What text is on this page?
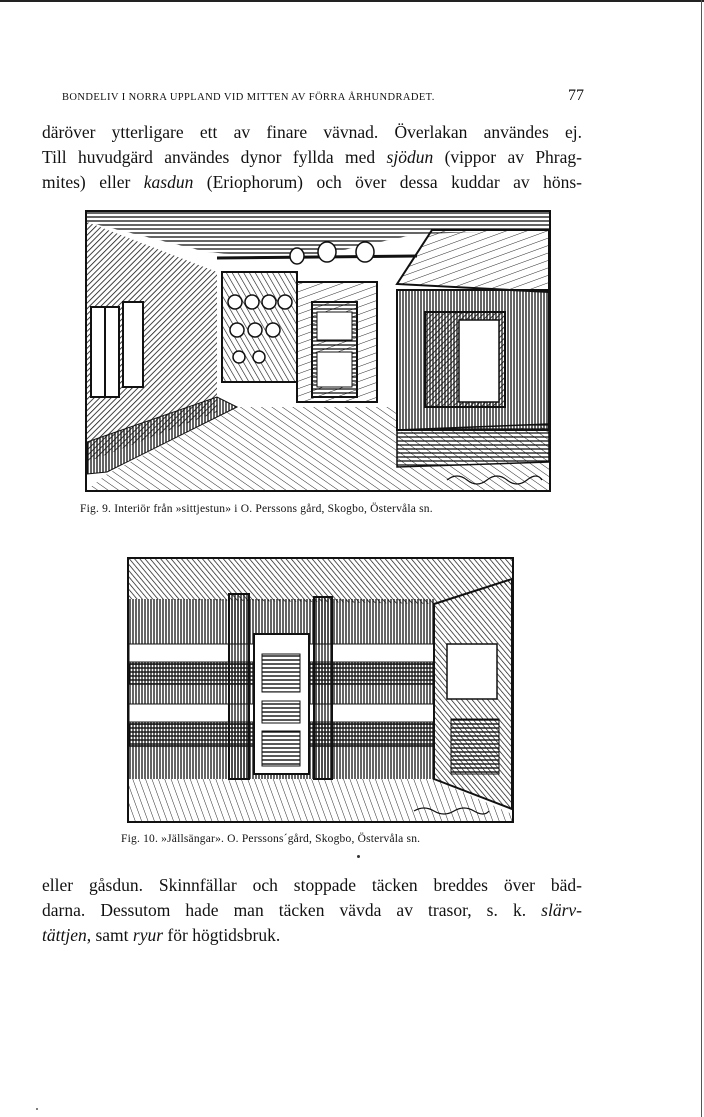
BONDELIV I NORRA UPPLAND VID MITTEN AV FÖRRA ÅRHUNDRADET.	77
däröver ytterligare ett av finare vävnad. Överlakan användes ej.
Till huvudgärd användes dynor fyllda med sjödun (vippor av Phrag-
mites) eller kasdun (Eriophorum) och över dessa kuddar av höns-
Fig. 9. Interiör från »sittjestun» i O. Perssons gård, Skogbo, Östervåla sn.
Fig. 10. »Jällsängar». O. Perssons´gård, Skogbo, Östervåla sn.
eller gåsdun. Skinnfällar och stoppade täcken breddes över bäd-
darna. Dessutom hade man täcken vävda av trasor, s. k. slärv-
tättjen, samt ryur för högtidsbruk.
